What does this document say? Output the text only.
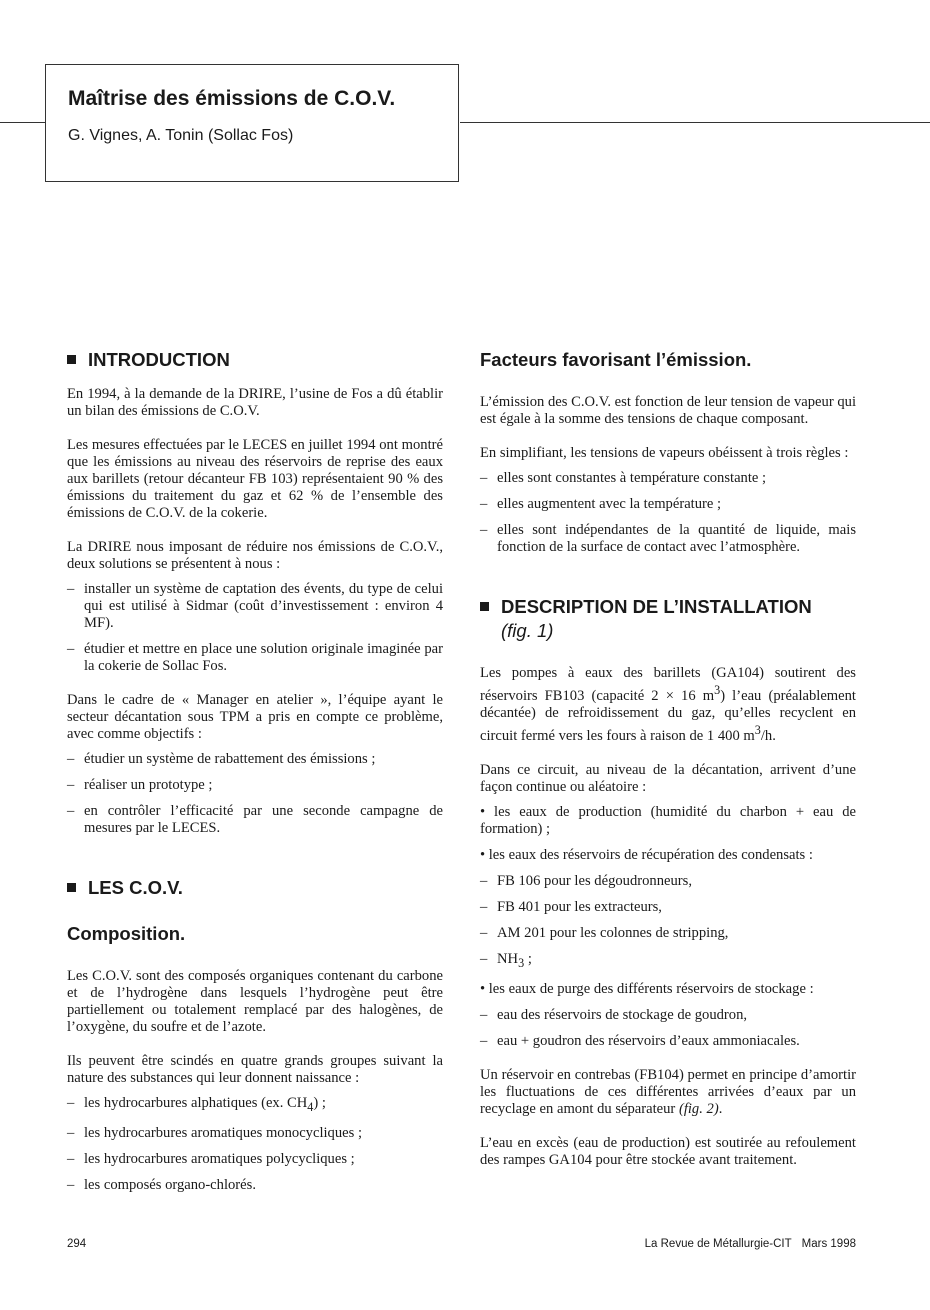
Maîtrise des émissions de C.O.V.
G. Vignes, A. Tonin (Sollac Fos)
INTRODUCTION

En 1994, à la demande de la DRIRE, l’usine de Fos a dû établir un bilan des émissions de C.O.V.

Les mesures effectuées par le LECES en juillet 1994 ont montré que les émissions au niveau des réservoirs de reprise des eaux aux barillets (retour décanteur FB 103) représentaient 90 % des émissions du traitement du gaz et 62 % de l’ensemble des émissions de C.O.V. de la cokerie.

La DRIRE nous imposant de réduire nos émissions de C.O.V., deux solutions se présentent à nous :

– installer un système de captation des évents, du type de celui qui est utilisé à Sidmar (coût d’investissement : environ 4 MF).
– étudier et mettre en place une solution originale imaginée par la cokerie de Sollac Fos.

Dans le cadre de « Manager en atelier », l’équipe ayant le secteur décantation sous TPM a pris en compte ce problème, avec comme objectifs :

– étudier un système de rabattement des émissions ;
– réaliser un prototype ;
– en contrôler l’efficacité par une seconde campagne de mesures par le LECES.
LES C.O.V.
Composition.

Les C.O.V. sont des composés organiques contenant du carbone et de l’hydrogène dans lesquels l’hydrogène peut être partiellement ou totalement remplacé par des halogènes, de l’oxygène, du soufre et de l’azote.

Ils peuvent être scindés en quatre grands groupes suivant la nature des substances qui leur donnent naissance :

– les hydrocarbures alphatiques (ex. $CH_4$) ;
– les hydrocarbures aromatiques monocycliques ;
– les hydrocarbures aromatiques polycycliques ;
– les composés organo-chlorés.
Facteurs favorisant l’émission.

L’émission des C.O.V. est fonction de leur tension de vapeur qui est égale à la somme des tensions de chaque composant.

En simplifiant, les tensions de vapeurs obéissent à trois règles :

– elles sont constantes à température constante ;
– elles augmentent avec la température ;
– elles sont indépendantes de la quantité de liquide, mais fonction de la surface de contact avec l’atmosphère.
DESCRIPTION DE L’INSTALLATION
(fig. 1)

Les pompes à eaux des barillets (GA104) soutirent des réservoirs FB103 (capacité 2 × 16 $m^3$) l’eau (préalablement décantée) de refroidissement du gaz, qu’elles recyclent en circuit fermé vers les fours à raison de 1 400 $m^3/h$.

Dans ce circuit, au niveau de la décantation, arrivent d’une façon continue ou aléatoire :

• les eaux de production (humidité du charbon + eau de formation) ;
• les eaux des réservoirs de récupération des condensats :
– FB 106 pour les dégoudronneurs,
– FB 401 pour les extracteurs,
– AM 201 pour les colonnes de stripping,
– $NH_3$ ;
• les eaux de purge des différents réservoirs de stockage :
– eau des réservoirs de stockage de goudron,
– eau + goudron des réservoirs d’eaux ammoniacales.

Un réservoir en contrebas (FB104) permet en principe d’amortir les fluctuations de ces différentes arrivées d’eaux par un recyclage en amont du séparateur (fig. 2).

L’eau en excès (eau de production) est soutirée au refoulement des rampes GA104 pour être stockée avant traitement.

294	La Revue de Métallurgie-CIT Mars 1998
